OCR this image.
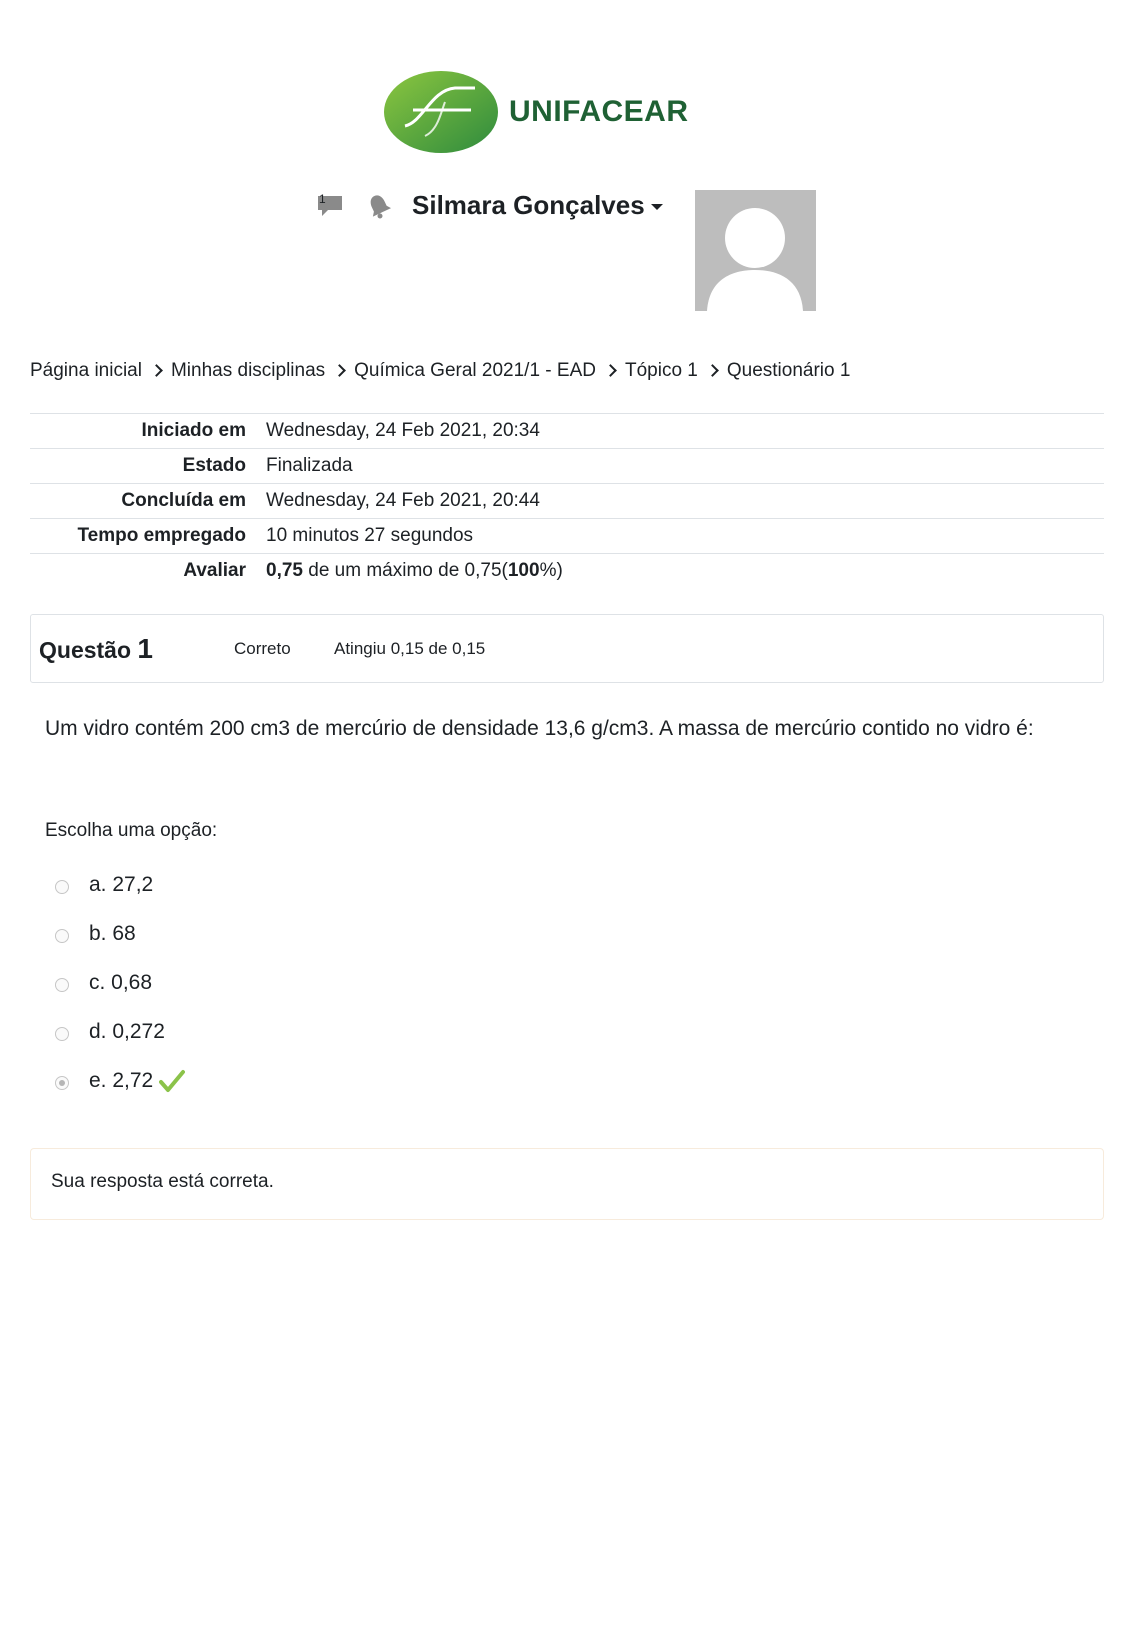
UNIFACEAR
1	Silmara Gonçalves
Página inicial Minhas disciplinas Química Geral 2021/1 - EAD Tópico 1 Questionário 1
Iniciado em	Wednesday, 24 Feb 2021, 20:34
Estado	Finalizada
Concluída em	Wednesday, 24 Feb 2021, 20:44
Tempo empregado	10 minutos 27 segundos
Avaliar	0,75 de um máximo de 0,75(100%)
Questão 1	Correto	Atingiu 0,15 de 0,15
Um vidro contém 200 cm3 de mercúrio de densidade 13,6 g/cm3. A massa de mercúrio contido no vidro é:
Escolha uma opção:
a. 27,2
b. 68
c. 0,68
d. 0,272
e. 2,72
Sua resposta está correta.
